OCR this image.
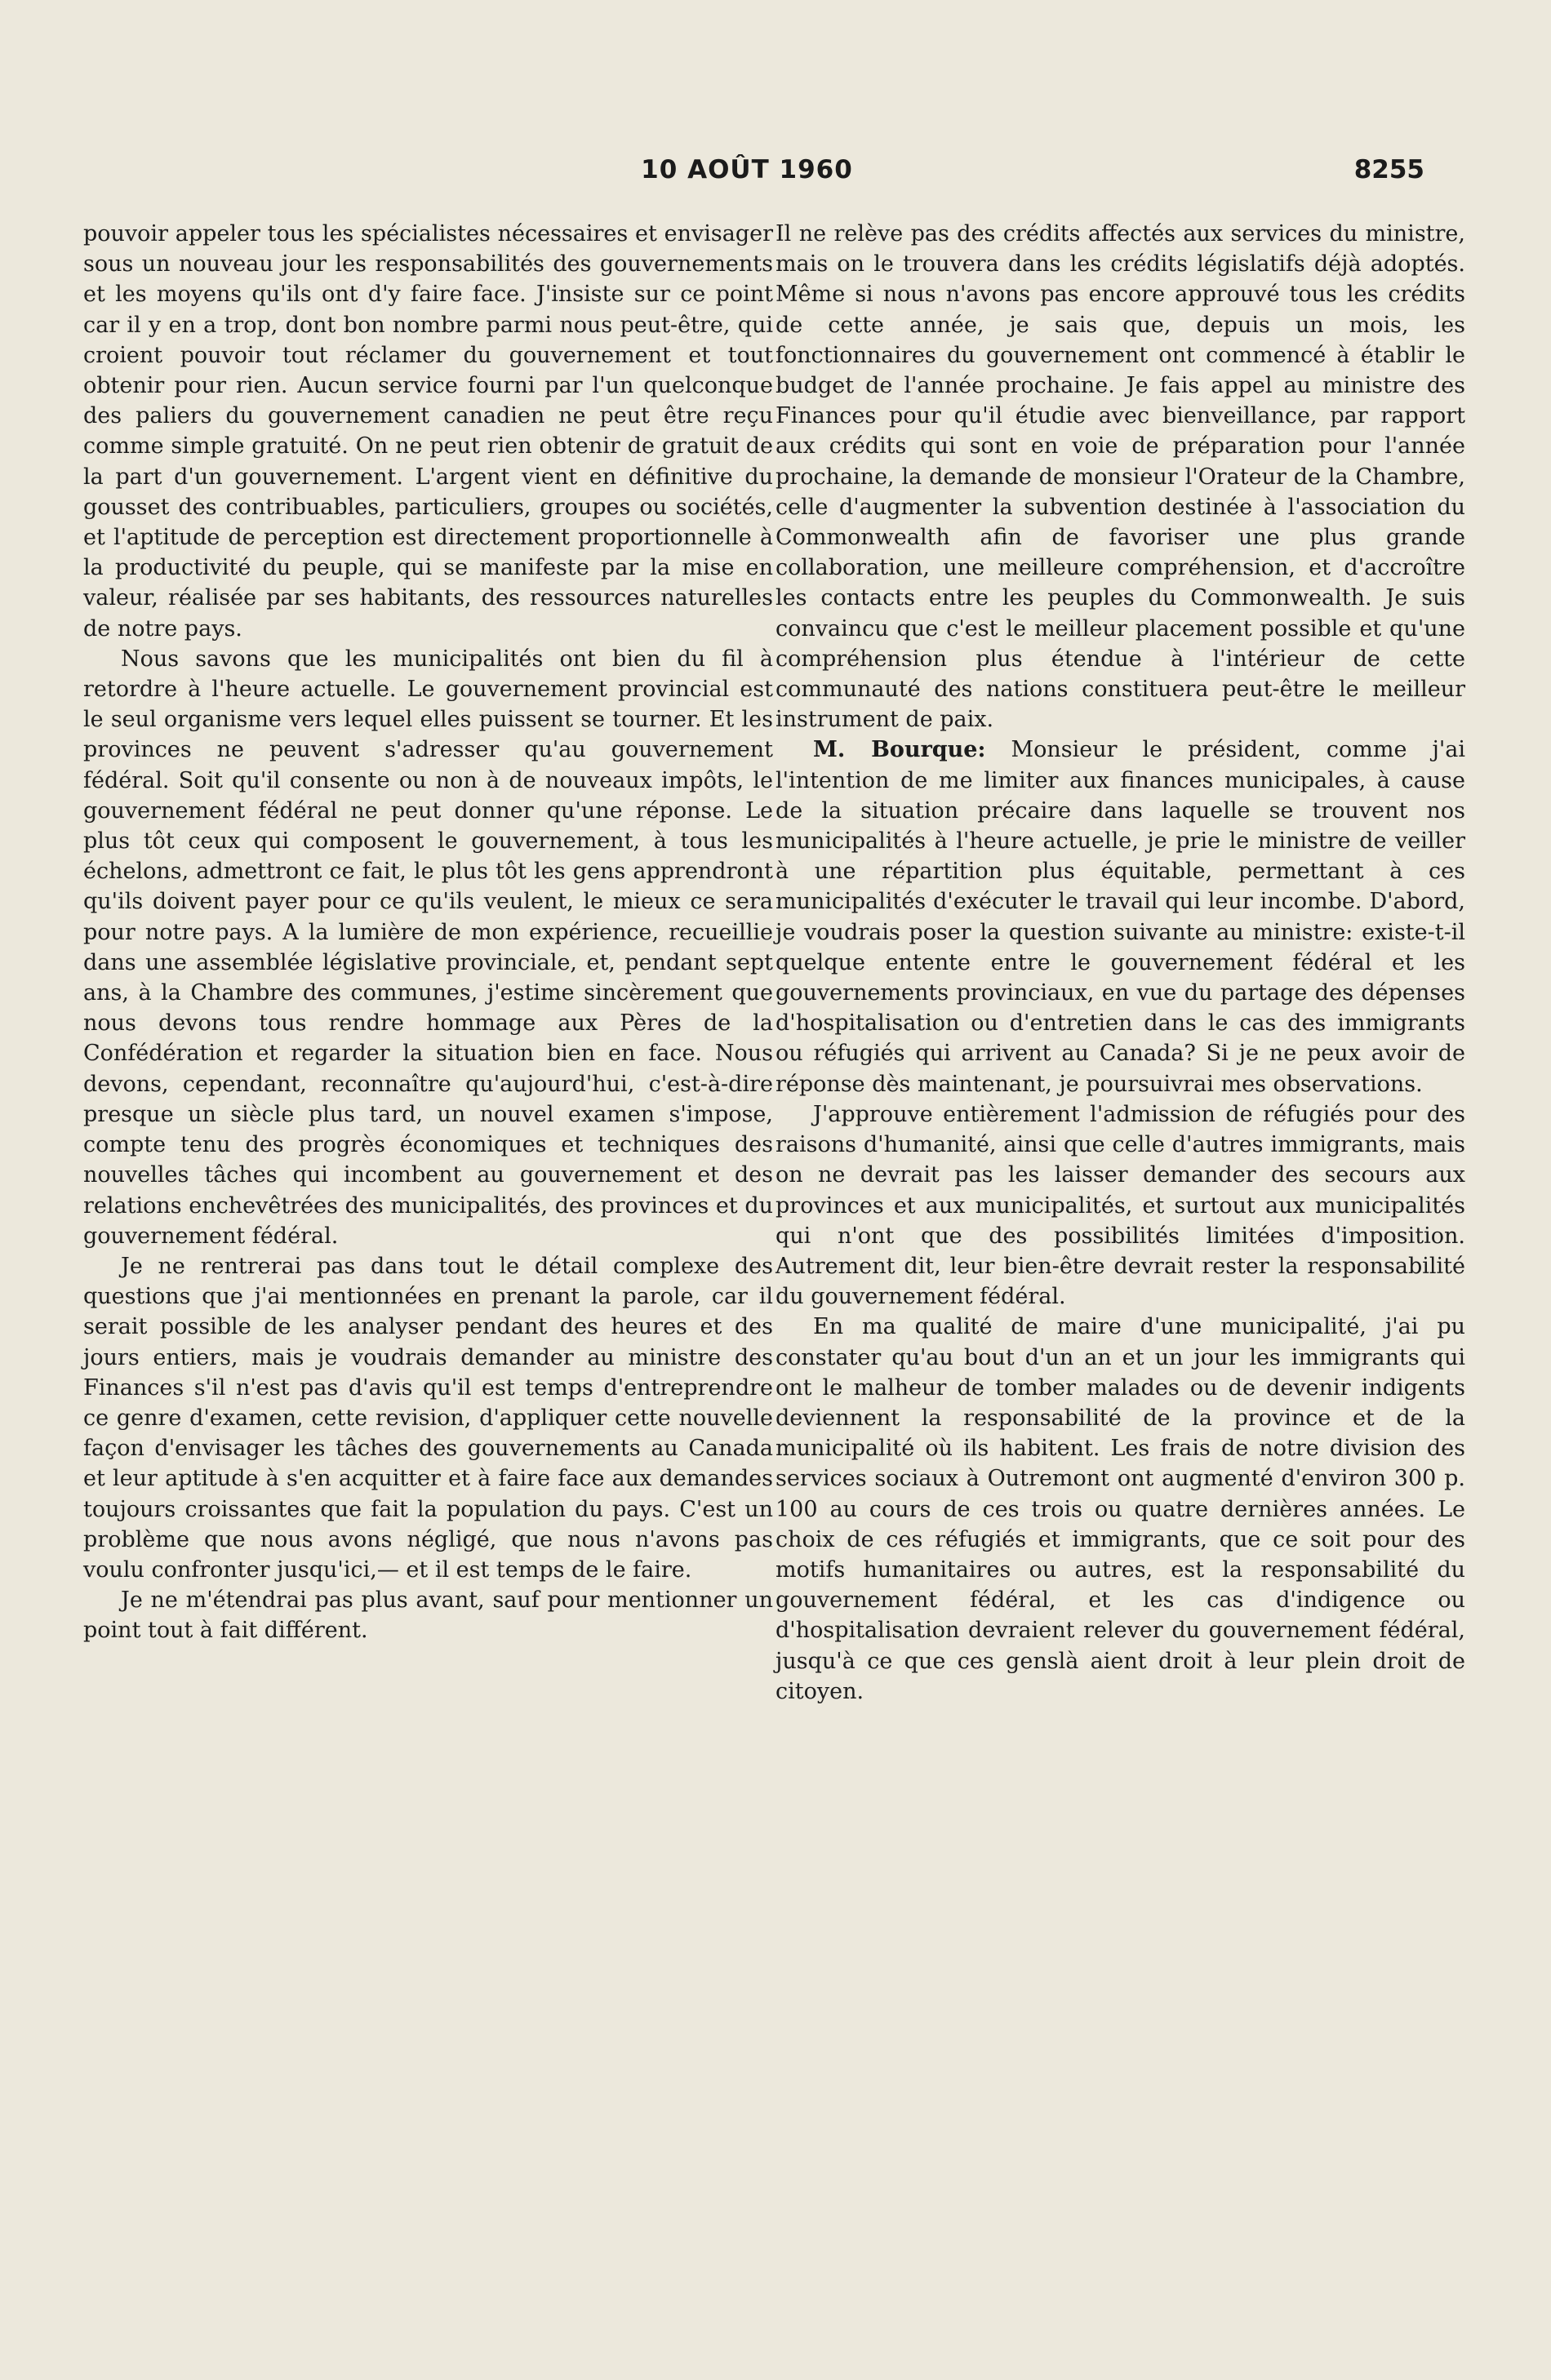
10 AOÛT 1960	8255

pouvoir appeler tous les spécialistes nécessaires et envisager sous un nouveau jour les responsabilités des gouvernements et les moyens qu'ils ont d'y faire face. J'insiste sur ce point car il y en a trop, dont bon nombre parmi nous peut-être, qui croient pouvoir tout réclamer du gouvernement et tout obtenir pour rien. Aucun service fourni par l'un quelconque des paliers du gouvernement canadien ne peut être reçu comme simple gratuité. On ne peut rien obtenir de gratuit de la part d'un gouvernement. L'argent vient en définitive du gousset des contribuables, particuliers, groupes ou sociétés, et l'aptitude de perception est directement proportionnelle à la productivité du peuple, qui se manifeste par la mise en valeur, réalisée par ses habitants, des ressources naturelles de notre pays.

Nous savons que les municipalités ont bien du fil à retordre à l'heure actuelle. Le gouvernement provincial est le seul organisme vers lequel elles puissent se tourner. Et les provinces ne peuvent s'adresser qu'au gouvernement fédéral. Soit qu'il consente ou non à de nouveaux impôts, le gouvernement fédéral ne peut donner qu'une réponse. Le plus tôt ceux qui composent le gouvernement, à tous les échelons, admettront ce fait, le plus tôt les gens apprendront qu'ils doivent payer pour ce qu'ils veulent, le mieux ce sera pour notre pays. A la lumière de mon expérience, recueillie dans une assemblée législative provinciale, et, pendant sept ans, à la Chambre des communes, j'estime sincèrement que nous devons tous rendre hommage aux Pères de la Confédération et regarder la situation bien en face. Nous devons, cependant, reconnaître qu'aujourd'hui, c'est-à-dire presque un siècle plus tard, un nouvel examen s'impose, compte tenu des progrès économiques et techniques des nouvelles tâches qui incombent au gouvernement et des relations enchevêtrées des municipalités, des provinces et du gouvernement fédéral.

Je ne rentrerai pas dans tout le détail complexe des questions que j'ai mentionnées en prenant la parole, car il serait possible de les analyser pendant des heures et des jours entiers, mais je voudrais demander au ministre des Finances s'il n'est pas d'avis qu'il est temps d'entreprendre ce genre d'examen, cette revision, d'appliquer cette nouvelle façon d'envisager les tâches des gouvernements au Canada et leur aptitude à s'en acquitter et à faire face aux demandes toujours croissantes que fait la population du pays. C'est un problème que nous avons négligé, que nous n'avons pas voulu confronter jusqu'ici,— et il est temps de le faire.

Je ne m'étendrai pas plus avant, sauf pour mentionner un point tout à fait différent.

Il ne relève pas des crédits affectés aux services du ministre, mais on le trouvera dans les crédits législatifs déjà adoptés. Même si nous n'avons pas encore approuvé tous les crédits de cette année, je sais que, depuis un mois, les fonctionnaires du gouvernement ont commencé à établir le budget de l'année prochaine. Je fais appel au ministre des Finances pour qu'il étudie avec bienveillance, par rapport aux crédits qui sont en voie de préparation pour l'année prochaine, la demande de monsieur l'Orateur de la Chambre, celle d'augmenter la subvention destinée à l'association du Commonwealth afin de favoriser une plus grande collaboration, une meilleure compréhension, et d'accroître les contacts entre les peuples du Commonwealth. Je suis convaincu que c'est le meilleur placement possible et qu'une compréhension plus étendue à l'intérieur de cette communauté des nations constituera peut-être le meilleur instrument de paix.

M. Bourque: Monsieur le président, comme j'ai l'intention de me limiter aux finances municipales, à cause de la situation précaire dans laquelle se trouvent nos municipalités à l'heure actuelle, je prie le ministre de veiller à une répartition plus équitable, permettant à ces municipalités d'exécuter le travail qui leur incombe. D'abord, je voudrais poser la question suivante au ministre: existe-t-il quelque entente entre le gouvernement fédéral et les gouvernements provinciaux, en vue du partage des dépenses d'hospitalisation ou d'entretien dans le cas des immigrants ou réfugiés qui arrivent au Canada? Si je ne peux avoir de réponse dès maintenant, je poursuivrai mes observations.

J'approuve entièrement l'admission de réfugiés pour des raisons d'humanité, ainsi que celle d'autres immigrants, mais on ne devrait pas les laisser demander des secours aux provinces et aux municipalités, et surtout aux municipalités qui n'ont que des possibilités limitées d'imposition. Autrement dit, leur bien-être devrait rester la responsabilité du gouvernement fédéral.

En ma qualité de maire d'une municipalité, j'ai pu constater qu'au bout d'un an et un jour les immigrants qui ont le malheur de tomber malades ou de devenir indigents deviennent la responsabilité de la province et de la municipalité où ils habitent. Les frais de notre division des services sociaux à Outremont ont augmenté d'environ 300 p. 100 au cours de ces trois ou quatre dernières années. Le choix de ces réfugiés et immigrants, que ce soit pour des motifs humanitaires ou autres, est la responsabilité du gouvernement fédéral, et les cas d'indigence ou d'hospitalisation devraient relever du gouvernement fédéral, jusqu'à ce que ces genslà aient droit à leur plein droit de citoyen.
